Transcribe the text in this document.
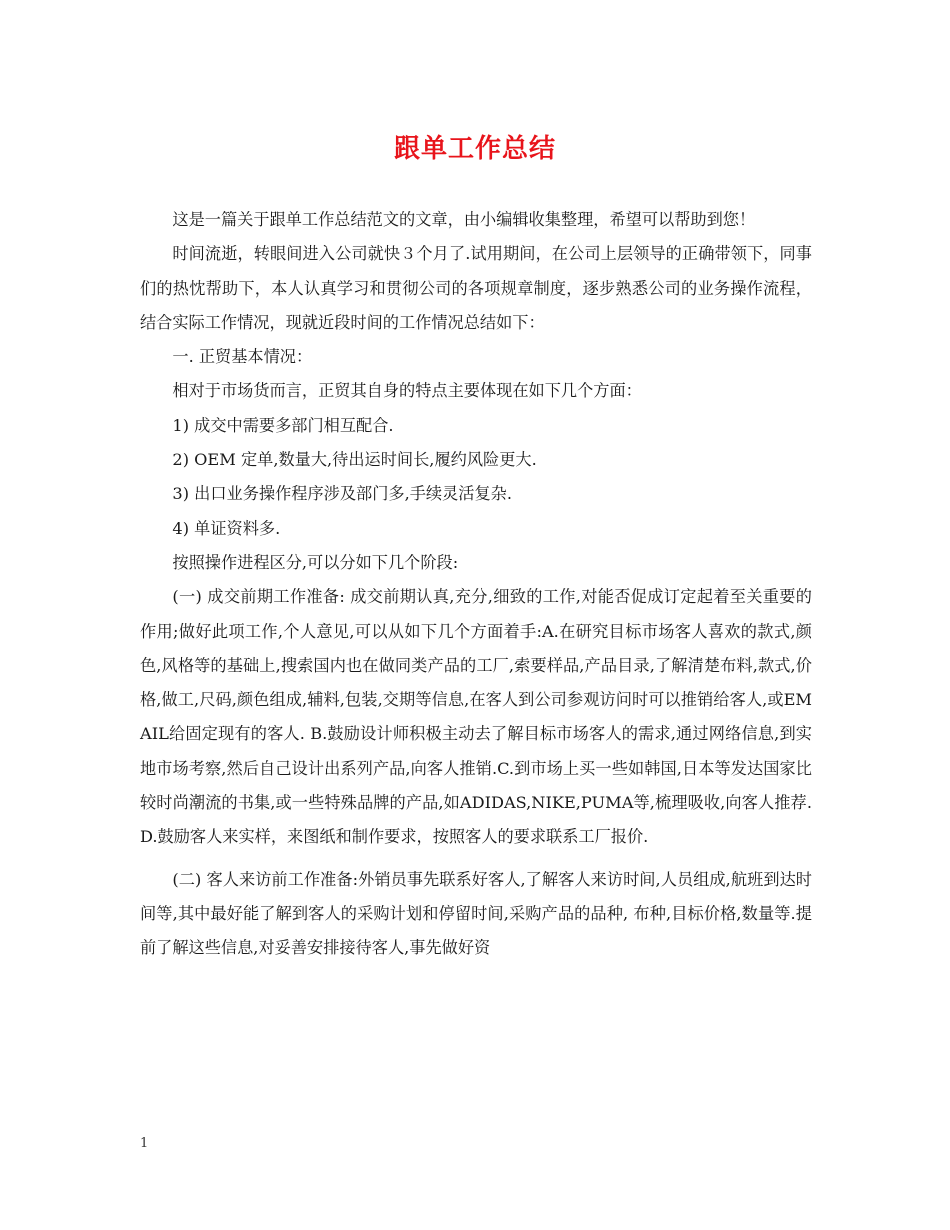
跟单工作总结

这是一篇关于跟单工作总结范文的文章，由小编辑收集整理，希望可以帮助到您！

时间流逝，转眼间进入公司就快３个月了.试用期间，在公司上层领导的正确带领下，同事们的热忱帮助下，本人认真学习和贯彻公司的各项规章制度，逐步熟悉公司的业务操作流程，结合实际工作情况，现就近段时间的工作情况总结如下：

一. 正贸基本情况：

相对于市场货而言，正贸其自身的特点主要体现在如下几个方面：

1) 成交中需要多部门相互配合.

2) OEM 定单,数量大,待出运时间长,履约风险更大.

3) 出口业务操作程序涉及部门多,手续灵活复杂.

4) 单证资料多.

按照操作进程区分,可以分如下几个阶段:

(一) 成交前期工作准备: 成交前期认真,充分,细致的工作,对能否促成订定起着至关重要的作用;做好此项工作,个人意见,可以从如下几个方面着手:A.在研究目标市场客人喜欢的款式,颜色,风格等的基础上,搜索国内也在做同类产品的工厂,索要样品,产品目录,了解清楚布料,款式,价格,做工,尺码,颜色组成,辅料,包装,交期等信息,在客人到公司参观访问时可以推销给客人,或EMAIL给固定现有的客人. B.鼓励设计师积极主动去了解目标市场客人的需求,通过网络信息,到实地市场考察,然后自己设计出系列产品,向客人推销.C.到市场上买一些如韩国,日本等发达国家比较时尚潮流的书集,或一些特殊品牌的产品,如ADIDAS,NIKE,PUMA等,梳理吸收,向客人推荐. D.鼓励客人来实样，来图纸和制作要求，按照客人的要求联系工厂报价.

(二) 客人来访前工作准备:外销员事先联系好客人,了解客人来访时间,人员组成,航班到达时间等,其中最好能了解到客人的采购计划和停留时间,采购产品的品种, 布种,目标价格,数量等.提前了解这些信息,对妥善安排接待客人,事先做好资

1
